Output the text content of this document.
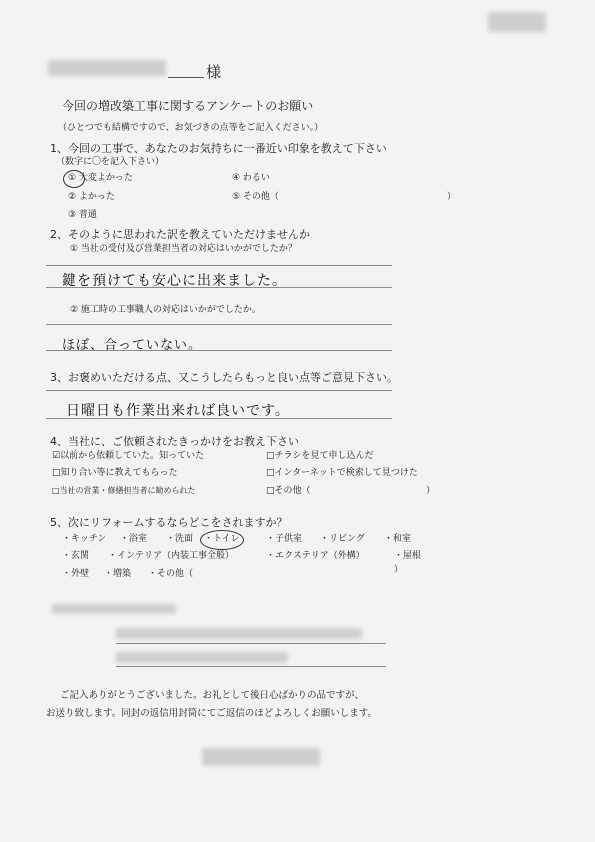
様
今回の増改築工事に関するアンケートのお願い
（ひとつでも結構ですので、お気づきの点等をご記入ください。）
1、今回の工事で、あなたのお気持ちに一番近い印象を教えて下さい
（数字に〇を記入下さい）
① 大変よかった
② よかった
③ 普通
④ わるい
⑤ その他（	）
2、そのように思われた訳を教えていただけませんか
① 当社の受付及び営業担当者の対応はいかがでしたか？
鍵を預けても安心に出来ました。
② 施工時の工事職人の対応はいかがでしたか。
ほぼ、合っていない。
3、お褒めいただける点、又こうしたらもっと良い点等ご意見下さい。
日曜日も作業出来れば良いです。
4、当社に、ご依頼されたきっかけをお教え下さい
☑以前から依頼していた。知っていた	□チラシを見て申し込んだ
□知り合い等に教えてもらった	□インターネットで検索して見つけた
□当社の営業・修繕担当者に勧められた	□その他（	）
5、次にリフォームするならどこをされますか？
・キッチン ・浴室 ・洗面 ・トイレ	・子供室 ・リビング ・和室
・玄関 ・インテリア（内装工事全般）	・エクステリア（外構）	・屋根
・外壁 ・増築 ・その他（	）
ご記入ありがとうございました。お礼として後日心ばかりの品ですが、
お送り致します。同封の返信用封筒にてご返信のほどよろしくお願いします。
